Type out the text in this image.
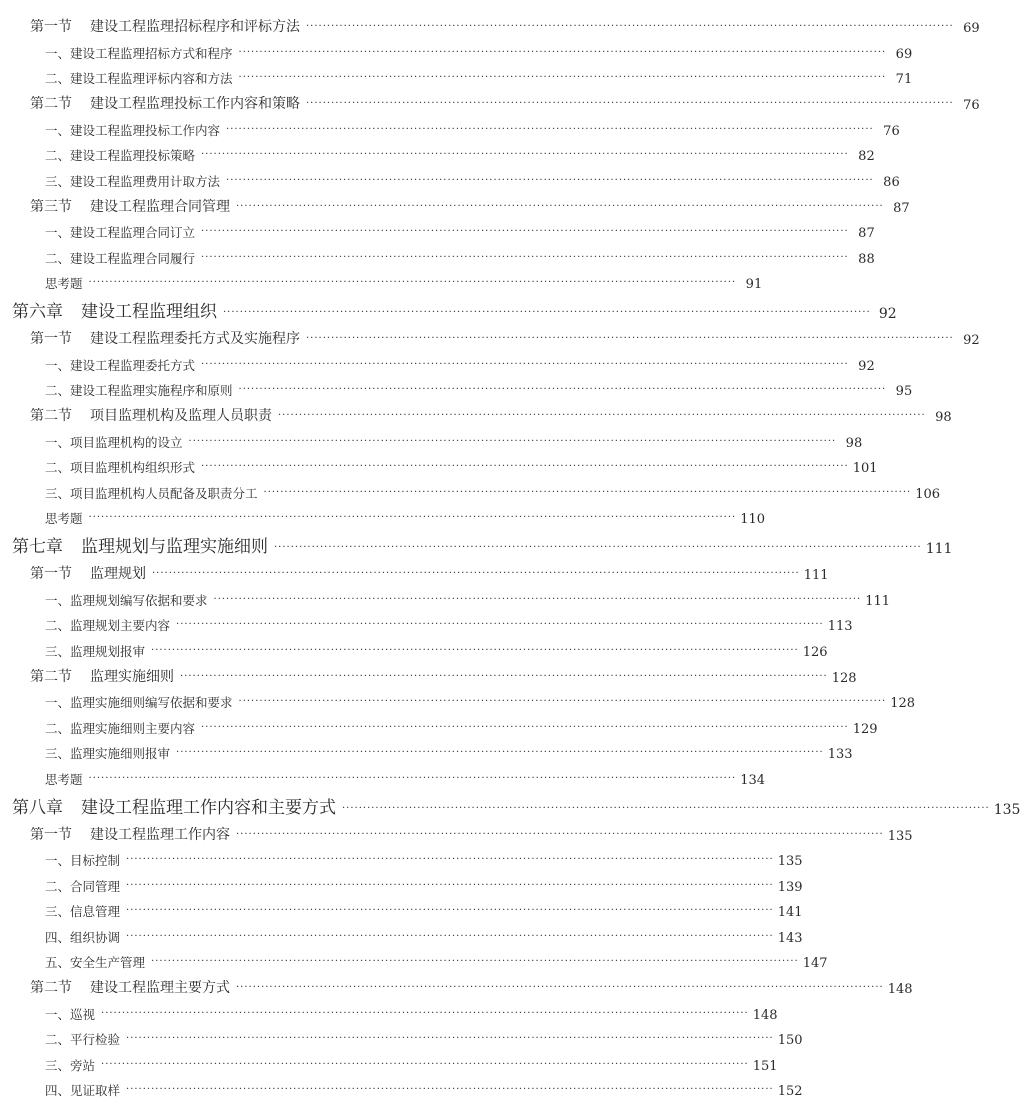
第一节 建设工程监理招标程序和评标方法 ··························································································································································· 69
一、建设工程监理招标方式和程序 ··························································································································································· 69
二、建设工程监理评标内容和方法 ··························································································································································· 71
第二节 建设工程监理投标工作内容和策略 ··························································································································································· 76
一、建设工程监理投标工作内容 ··························································································································································· 76
二、建设工程监理投标策略 ··························································································································································· 82
三、建设工程监理费用计取方法 ··························································································································································· 86
第三节 建设工程监理合同管理 ··························································································································································· 87
一、建设工程监理合同订立 ··························································································································································· 87
二、建设工程监理合同履行 ··························································································································································· 88
思考题 ··························································································································································· 91
第六章 建设工程监理组织 ··························································································································································· 92
第一节 建设工程监理委托方式及实施程序 ··························································································································································· 92
一、建设工程监理委托方式 ··························································································································································· 92
二、建设工程监理实施程序和原则 ··························································································································································· 95
第二节 项目监理机构及监理人员职责 ··························································································································································· 98
一、项目监理机构的设立 ··························································································································································· 98
二、项目监理机构组织形式 ··························································································································································· 101
三、项目监理机构人员配备及职责分工 ··························································································································································· 106
思考题 ··························································································································································· 110
第七章 监理规划与监理实施细则 ··························································································································································· 111
第一节 监理规划 ··························································································································································· 111
一、监理规划编写依据和要求 ··························································································································································· 111
二、监理规划主要内容 ··························································································································································· 113
三、监理规划报审 ··························································································································································· 126
第二节 监理实施细则 ··························································································································································· 128
一、监理实施细则编写依据和要求 ··························································································································································· 128
二、监理实施细则主要内容 ··························································································································································· 129
三、监理实施细则报审 ··························································································································································· 133
思考题 ··························································································································································· 134
第八章 建设工程监理工作内容和主要方式 ··························································································································································· 135
第一节 建设工程监理工作内容 ··························································································································································· 135
一、目标控制 ··························································································································································· 135
二、合同管理 ··························································································································································· 139
三、信息管理 ··························································································································································· 141
四、组织协调 ··························································································································································· 143
五、安全生产管理 ··························································································································································· 147
第二节 建设工程监理主要方式 ··························································································································································· 148
一、巡视 ··························································································································································· 148
二、平行检验 ··························································································································································· 150
三、旁站 ··························································································································································· 151
四、见证取样 ··························································································································································· 152
